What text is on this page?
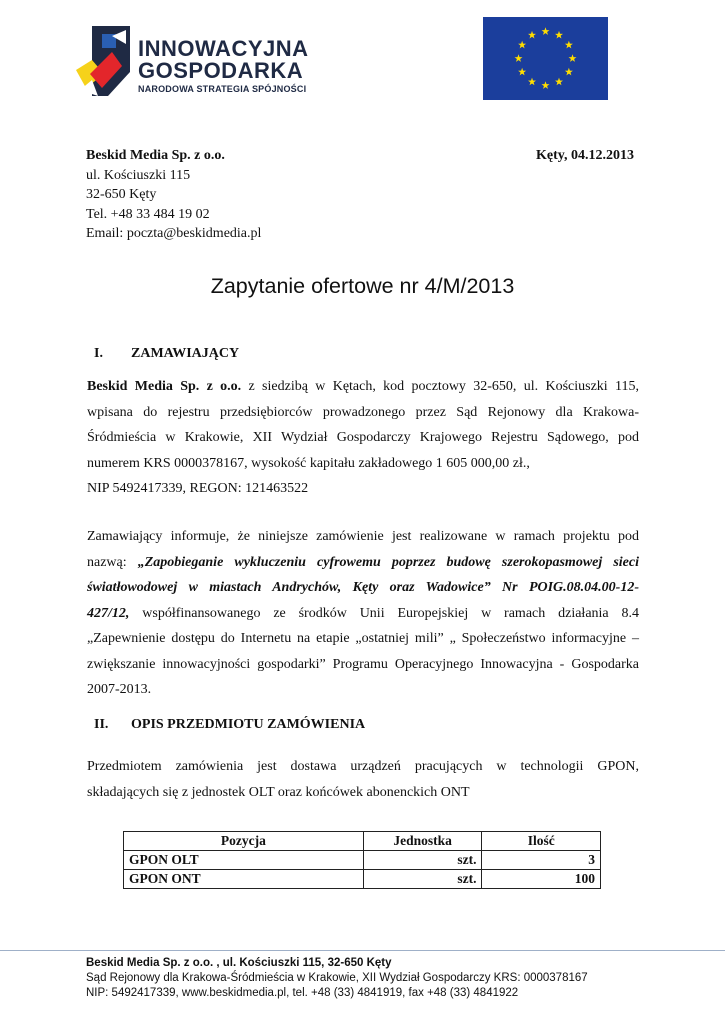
INNOWACYJNA
GOSPODARKA
NARODOWA STRATEGIA SPÓJNOŚCI
Beskid Media Sp. z o.o.
ul. Kościuszki 115
32-650 Kęty
Tel. +48 33 484 19 02
Email: poczta@beskidmedia.pl
Kęty, 04.12.2013
Zapytanie ofertowe nr 4/M/2013
I. ZAMAWIAJĄCY
Beskid Media Sp. z o.o. z siedzibą w Kętach, kod pocztowy 32-650, ul. Kościuszki 115,
wpisana do rejestru przedsiębiorców prowadzonego przez Sąd Rejonowy dla Krakowa-
Śródmieścia w Krakowie, XII Wydział Gospodarczy Krajowego Rejestru Sądowego, pod
numerem KRS 0000378167, wysokość kapitału zakładowego 1 605 000,00 zł.,
NIP 5492417339, REGON: 121463522
Zamawiający informuje, że niniejsze zamówienie jest realizowane w ramach projektu pod
nazwą: „Zapobieganie wykluczeniu cyfrowemu poprzez budowę szerokopasmowej sieci
światłowodowej w miastach Andrychów, Kęty oraz Wadowice” Nr POIG.08.04.00-12-
427/12, współfinansowanego ze środków Unii Europejskiej w ramach działania 8.4
„Zapewnienie dostępu do Internetu na etapie „ostatniej mili” „ Społeczeństwo informacyjne –
zwiększanie innowacyjności gospodarki” Programu Operacyjnego Innowacyjna - Gospodarka
2007-2013.
II. OPIS PRZEDMIOTU ZAMÓWIENIA
Przedmiotem zamówienia jest dostawa urządzeń pracujących w technologii GPON,
składających się z jednostek OLT oraz końcówek abonenckich ONT
Pozycja	Jednostka	Ilość
GPON OLT	szt.	3
GPON ONT	szt.	100
Beskid Media Sp. z o.o. , ul. Kościuszki 115, 32-650 Kęty
Sąd Rejonowy dla Krakowa-Śródmieścia w Krakowie, XII Wydział Gospodarczy KRS: 0000378167
NIP: 5492417339, www.beskidmedia.pl, tel. +48 (33) 4841919, fax +48 (33) 4841922
